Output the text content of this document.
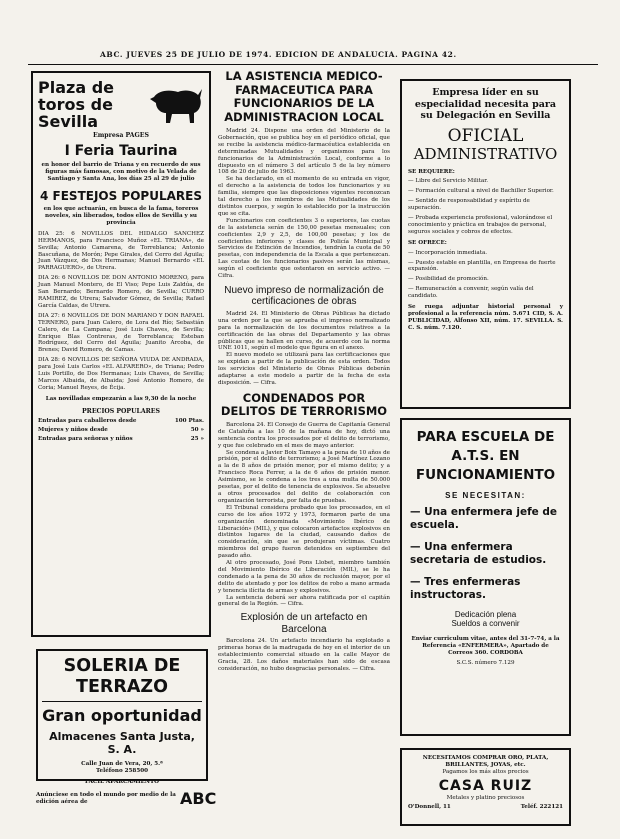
ABC. JUEVES 25 DE JULIO DE 1974. EDICION DE ANDALUCIA. PAGINA 42.
Plaza de toros de Sevilla
Empresa PAGES
I Feria Taurina
en honor del barrio de Triana y en recuerdo de sus figuras más famosas, con motivo de la Velada de Santiago y Santa Ana, los días 25 al 29 de julio
4 FESTEJOS POPULARES
en los que actuarán, en busca de la fama, toreros noveles, sin liberados, todos ellos de Sevilla y su provincia

DIA 25: 6 NOVILLOS DEL HIDALGO SANCHEZ HERMANOS, para Francisco Muñoz «EL TRIANA», de Sevilla; Antonio Camarena, de Torreblanca; Antonio Bascuñana, de Morón; Pepe Girales, del Cerro del Águila; Juan Vázquez, de Dos Hermanas; Manuel Bernardo «EL PARRAGUERO», de Utrera.

DIA 26: 6 NOVILLOS DE DON ANTONIO MORENO, para Juan Manuel Montero, de El Viso; Pepe Luis Zaldúa, de San Bernardo; Bernardo Romero, de Sevilla; CURRO RAMIREZ, de Utrera; Salvador Gómez, de Sevilla; Rafael García Caldas, de Utrera.

DIA 27: 6 NOVILLOS DE DON MARIANO Y DON RAFAEL TERNERO, para Juan Calero, de Lora del Río; Sebastián Calero, de La Campana; José Luis Chaves, de Sevilla; Enrique Blas Contreras, de Torreblanca; Esteban Rodríguez, del Cerro del Águila; Juanito Arcoba, de Brenes; David Romero, de Camas.

DIA 28: 6 NOVILLOS DE SEÑORA VIUDA DE ANDRADA, para José Luis Carlos «EL ALFARERO», de Triana; Pedro Luis Portillo, de Dos Hermanas; Luis Chaves, de Sevilla; Marcos Albaida, de Albaida; José Antonio Romero, de Coria; Manuel Reyes, de Écija.

Las novilladas empezarán a las 9,30 de la noche
PRECIOS POPULARES
Entradas para caballeros desde	100 Ptas.
Mujeres y niños desde	50 »
Entradas para señoras y niños	25 »
SOLERIA DE TERRAZO
Gran oportunidad
Almacenes Santa Justa, S. A.
Calle Juan de Vera, 20, 5.ª
Teléfono 258500
FACIL APARCAMIENTO
Anúnciese en todo el mundo por medio de la edición aérea de	ABC
LA ASISTENCIA MEDICO-FARMACEUTICA PARA FUNCIONARIOS DE LA ADMINISTRACION LOCAL

Madrid 24. Dispone una orden del Ministerio de la Gobernación, que se publica hoy en el periódico oficial, que se recibe la asistencia médico-farmacéutica establecida en determinadas Mutualidades y organismos para los funcionarios de la Administración Local, conforme a lo dispuesto en el número 3 del artículo 5 de la ley número 108 de 20 de julio de 1963.

Se ha declarado, en el momento de su entrada en vigor, el derecho a la asistencia de todos los funcionarios y su familia, siempre que las disposiciones vigentes reconozcan tal derecho a los miembros de las Mutualidades de los distintos cuerpos, y según lo establecido por la instrucción que se cita.

Funcionarios con coeficientes 3 o superiores, las cuotas de la asistencia serán de 150,00 pesetas mensuales; con coeficientes 2,9 y 2,5, de 100,00 pesetas; y los de coeficientes inferiores y clases de Policía Municipal y Servicios de Extinción de Incendios, tendrán la cuota de 50 pesetas, con independencia de la Escala a que pertenezcan. Las cuotas de los funcionarios pasivos serán las mismas, según el coeficiente que ostentaron en servicio activo. — Cifra.

Nuevo impreso de normalización de certificaciones de obras

Madrid 24. El Ministerio de Obras Públicas ha dictado una orden por la que se aprueba el impreso normalizado para la normalización de los documentos relativos a la certificación de las obras del Departamento y las obras públicas que se hallen en curso, de acuerdo con la norma UNE 1011, según el modelo que figura en el anexo.

El nuevo modelo se utilizará para las certificaciones que se expidan a partir de la publicación de esta orden. Todos los servicios del Ministerio de Obras Públicas deberán adaptarse a este modelo a partir de la fecha de esta disposición. — Cifra.

CONDENADOS POR DELITOS DE TERRORISMO

Barcelona 24. El Consejo de Guerra de Capitanía General de Cataluña a las 10 de la mañana de hoy, dictó una sentencia contra los procesados por el delito de terrorismo, y que fue celebrado en el mes de mayo anterior.

Se condena a Javier Boix Tamayo a la pena de 10 años de prisión, por el delito de terrorismo; a José Martínez Lozano a la de 8 años de prisión menor, por el mismo delito; y a Francisco Roca Ferrer, a la de 6 años de prisión menor. Asimismo, se le condena a los tres a una multa de 50.000 pesetas, por el delito de tenencia de explosivos. Se absuelve a otros procesados del delito de colaboración con organización terrorista, por falta de pruebas.

El Tribunal considera probado que los procesados, en el curso de los años 1972 y 1973, formaron parte de una organización denominada «Movimiento Ibérico de Liberación» (MIL), y que colocaron artefactos explosivos en distintos lugares de la ciudad, causando daños de consideración, sin que se produjeran víctimas. Cuatro miembros del grupo fueron detenidos en septiembre del pasado año.

Al otro procesado, José Pons Llobet, miembro también del Movimiento Ibérico de Liberación (MIL), se le ha condenado a la pena de 30 años de reclusión mayor, por el delito de atentado y por los delitos de robo a mano armada y tenencia ilícita de armas y explosivos.

La sentencia deberá ser ahora ratificada por el capitán general de la Región. — Cifra.

Explosión de un artefacto en Barcelona

Barcelona 24. Un artefacto incendiario ha explotado a primeras horas de la madrugada de hoy en el interior de un establecimiento comercial situado en la calle Mayor de Gracia, 28. Los daños materiales han sido de escasa consideración, no hubo desgracias personales. — Cifra.

Empresa líder en su especialidad necesita para su Delegación en Sevilla
OFICIAL
ADMINISTRATIVO
SE REQUIERE:
— Libre del Servicio Militar.
— Formación cultural a nivel de Bachiller Superior.
— Sentido de responsabilidad y espíritu de superación.
— Probada experiencia profesional, valorándose el conocimiento y práctica en trabajos de personal, seguros sociales y cobros de efectos.
SE OFRECE:
— Incorporación inmediata.
— Puesto estable en plantilla, en Empresa de fuerte expansión.
— Posibilidad de promoción.
— Remuneración a convenir, según valía del candidato.
Se ruega adjuntar historial personal y profesional a la referencia núm. 5.671 CID, S. A. PUBLICIDAD, Alfonso XII, núm. 17. SEVILLA. S. C. S. núm. 7.120.
PARA ESCUELA DE A.T.S. EN FUNCIONAMIENTO
SE NECESITAN:
— Una enfermera jefe de escuela.
— Una enfermera secretaria de estudios.
— Tres enfermeras instructoras.
Dedicación plena
Sueldos a convenir
Enviar curriculum vitae, antes del 31-7-74, a la Referencia «ENFERMERA», Apartado de Correos 360. CORDOBA
S.C.S. número 7.129
NECESITAMOS COMPRAR ORO, PLATA, BRILLANTES, JOYAS, etc.
Pagamos los más altos precios
CASA RUIZ
Metales y platino preciosos
O'Donnell, 11	Teléf. 222121
